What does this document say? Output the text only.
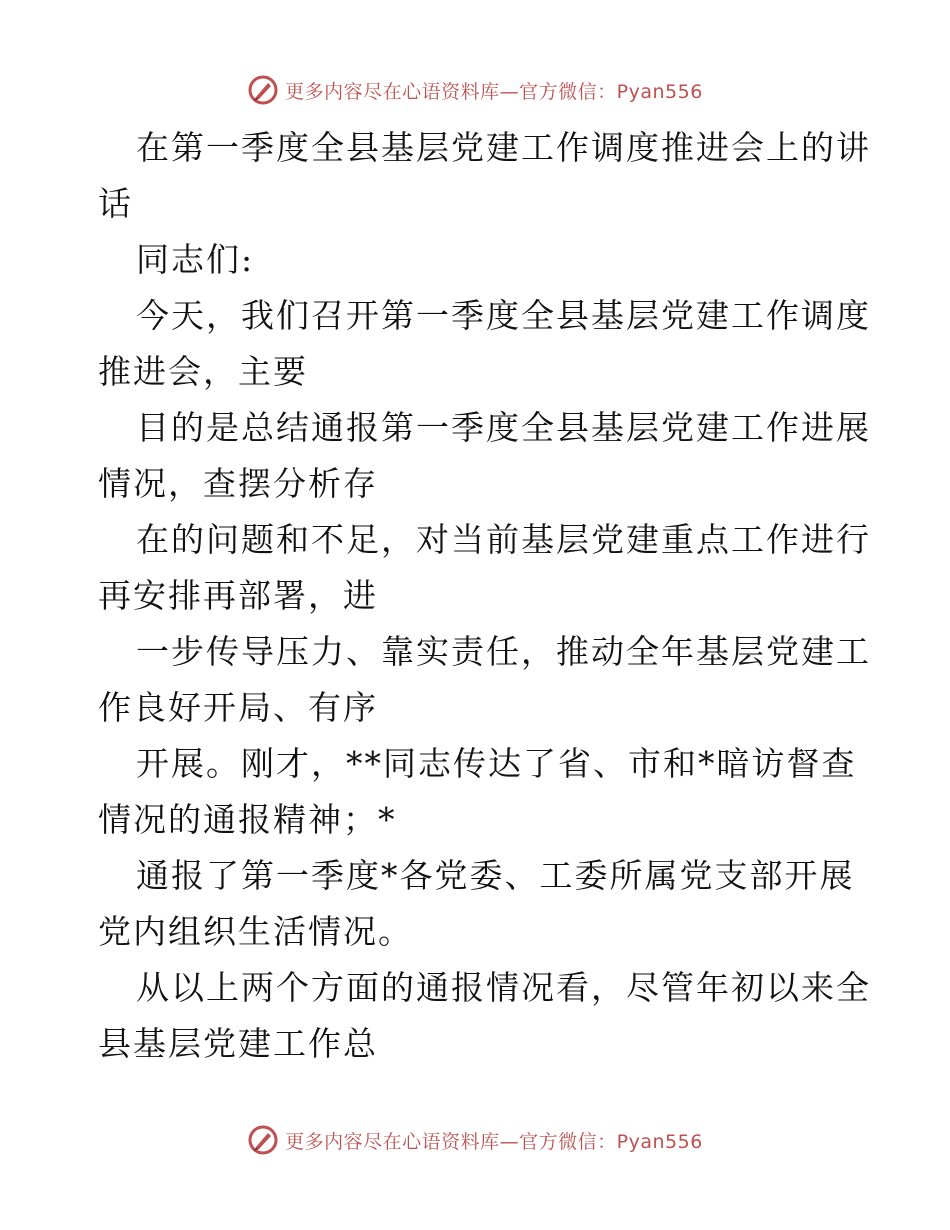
更多内容尽在心语资料库—官方微信：Pyan556
在第一季度全县基层党建工作调度推进会上的讲
话
同志们:
今天，我们召开第一季度全县基层党建工作调度
推进会，主要
目的是总结通报第一季度全县基层党建工作进展
情况，查摆分析存
在的问题和不足，对当前基层党建重点工作进行
再安排再部署，进
一步传导压力、靠实责任，推动全年基层党建工
作良好开局、有序
开展。刚才，**同志传达了省、市和*暗访督查
情况的通报精神；*
通报了第一季度*各党委、工委所属党支部开展
党内组织生活情况。
从以上两个方面的通报情况看，尽管年初以来全
县基层党建工作总
更多内容尽在心语资料库—官方微信：Pyan556
